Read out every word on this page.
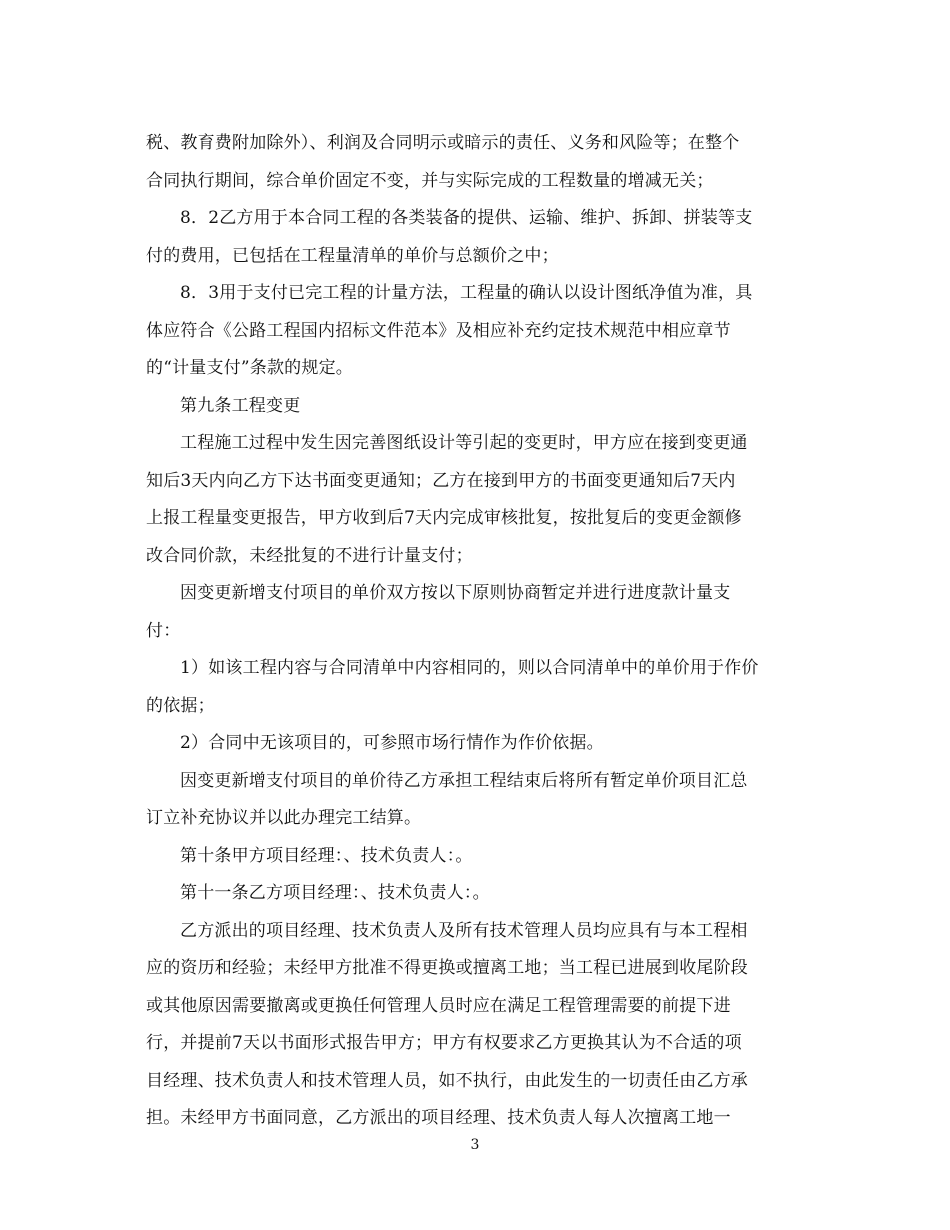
税、教育费附加除外）、利润及合同明示或暗示的责任、义务和风险等；在整个
合同执行期间，综合单价固定不变，并与实际完成的工程数量的增减无关；
8．2乙方用于本合同工程的各类装备的提供、运输、维护、拆卸、拼装等支
付的费用，已包括在工程量清单的单价与总额价之中；
8．3用于支付已完工程的计量方法，工程量的确认以设计图纸净值为准，具
体应符合《公路工程国内招标文件范本》及相应补充约定技术规范中相应章节
的“计量支付”条款的规定。
第九条工程变更
工程施工过程中发生因完善图纸设计等引起的变更时，甲方应在接到变更通
知后3天内向乙方下达书面变更通知；乙方在接到甲方的书面变更通知后7天内
上报工程量变更报告，甲方收到后7天内完成审核批复，按批复后的变更金额修
改合同价款，未经批复的不进行计量支付；
因变更新增支付项目的单价双方按以下原则协商暂定并进行进度款计量支
付：
1）如该工程内容与合同清单中内容相同的，则以合同清单中的单价用于作价
的依据；
2）合同中无该项目的，可参照市场行情作为作价依据。
因变更新增支付项目的单价待乙方承担工程结束后将所有暂定单价项目汇总
订立补充协议并以此办理完工结算。
第十条甲方项目经理：、技术负责人：。
第十一条乙方项目经理：、技术负责人：。
乙方派出的项目经理、技术负责人及所有技术管理人员均应具有与本工程相
应的资历和经验；未经甲方批准不得更换或擅离工地；当工程已进展到收尾阶段
或其他原因需要撤离或更换任何管理人员时应在满足工程管理需要的前提下进
行，并提前7天以书面形式报告甲方；甲方有权要求乙方更换其认为不合适的项
目经理、技术负责人和技术管理人员，如不执行，由此发生的一切责任由乙方承
担。未经甲方书面同意，乙方派出的项目经理、技术负责人每人次擅离工地一
3
